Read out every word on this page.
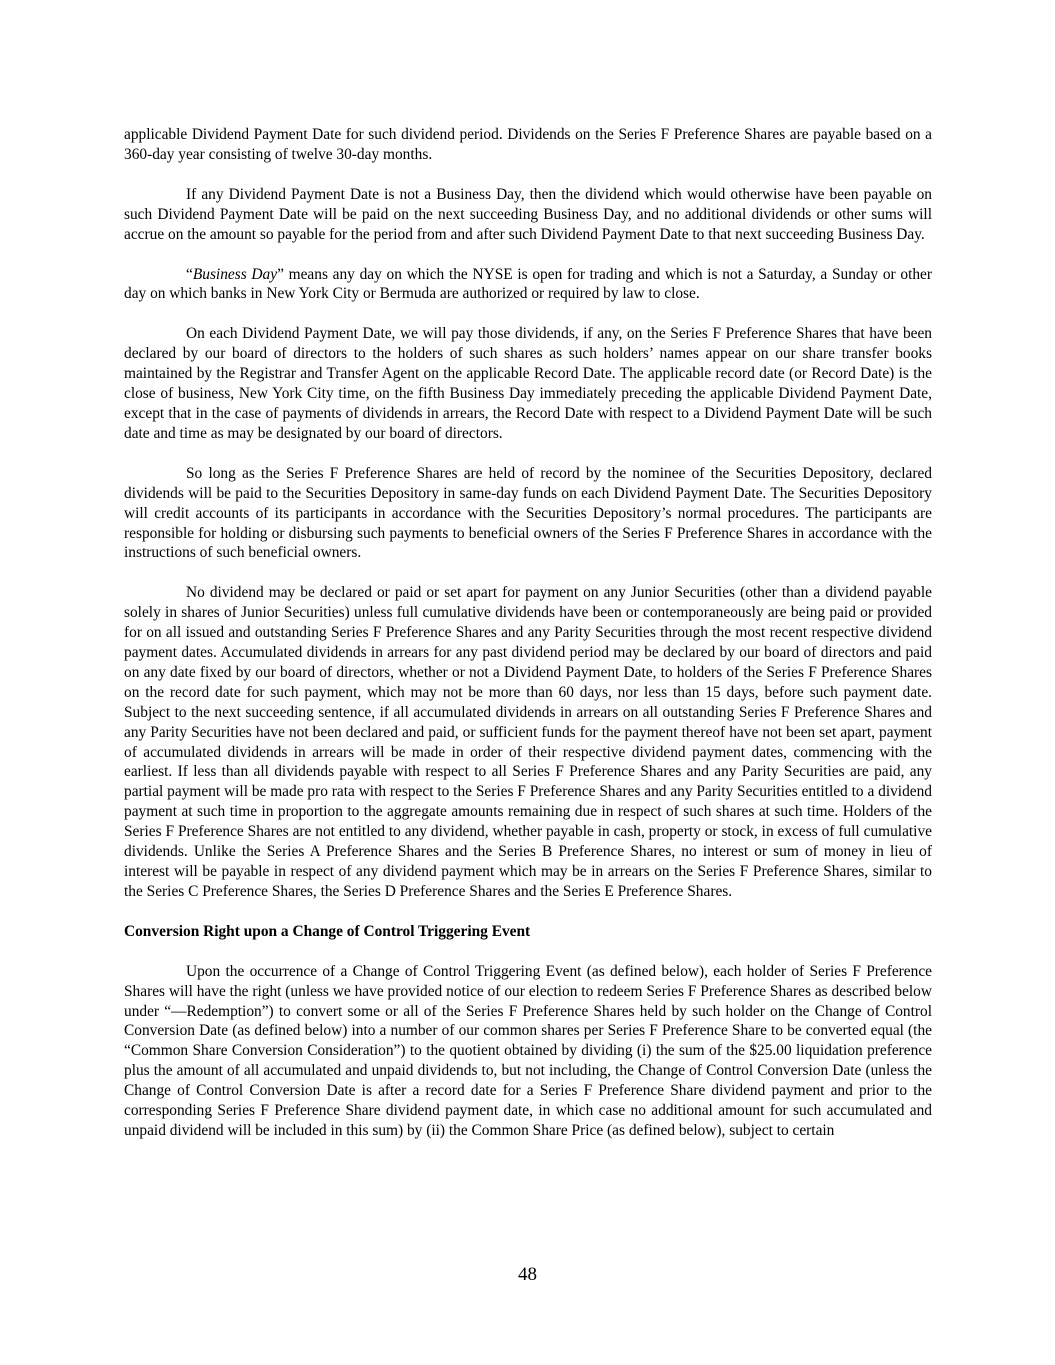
applicable Dividend Payment Date for such dividend period. Dividends on the Series F Preference Shares are payable based on a 360-day year consisting of twelve 30-day months.

If any Dividend Payment Date is not a Business Day, then the dividend which would otherwise have been payable on such Dividend Payment Date will be paid on the next succeeding Business Day, and no additional dividends or other sums will accrue on the amount so payable for the period from and after such Dividend Payment Date to that next succeeding Business Day.

“Business Day” means any day on which the NYSE is open for trading and which is not a Saturday, a Sunday or other day on which banks in New York City or Bermuda are authorized or required by law to close.

On each Dividend Payment Date, we will pay those dividends, if any, on the Series F Preference Shares that have been declared by our board of directors to the holders of such shares as such holders’ names appear on our share transfer books maintained by the Registrar and Transfer Agent on the applicable Record Date. The applicable record date (or Record Date) is the close of business, New York City time, on the fifth Business Day immediately preceding the applicable Dividend Payment Date, except that in the case of payments of dividends in arrears, the Record Date with respect to a Dividend Payment Date will be such date and time as may be designated by our board of directors.

So long as the Series F Preference Shares are held of record by the nominee of the Securities Depository, declared dividends will be paid to the Securities Depository in same-day funds on each Dividend Payment Date. The Securities Depository will credit accounts of its participants in accordance with the Securities Depository’s normal procedures. The participants are responsible for holding or disbursing such payments to beneficial owners of the Series F Preference Shares in accordance with the instructions of such beneficial owners.

No dividend may be declared or paid or set apart for payment on any Junior Securities (other than a dividend payable solely in shares of Junior Securities) unless full cumulative dividends have been or contemporaneously are being paid or provided for on all issued and outstanding Series F Preference Shares and any Parity Securities through the most recent respective dividend payment dates. Accumulated dividends in arrears for any past dividend period may be declared by our board of directors and paid on any date fixed by our board of directors, whether or not a Dividend Payment Date, to holders of the Series F Preference Shares on the record date for such payment, which may not be more than 60 days, nor less than 15 days, before such payment date. Subject to the next succeeding sentence, if all accumulated dividends in arrears on all outstanding Series F Preference Shares and any Parity Securities have not been declared and paid, or sufficient funds for the payment thereof have not been set apart, payment of accumulated dividends in arrears will be made in order of their respective dividend payment dates, commencing with the earliest. If less than all dividends payable with respect to all Series F Preference Shares and any Parity Securities are paid, any partial payment will be made pro rata with respect to the Series F Preference Shares and any Parity Securities entitled to a dividend payment at such time in proportion to the aggregate amounts remaining due in respect of such shares at such time. Holders of the Series F Preference Shares are not entitled to any dividend, whether payable in cash, property or stock, in excess of full cumulative dividends. Unlike the Series A Preference Shares and the Series B Preference Shares, no interest or sum of money in lieu of interest will be payable in respect of any dividend payment which may be in arrears on the Series F Preference Shares, similar to the Series C Preference Shares, the Series D Preference Shares and the Series E Preference Shares.

Conversion Right upon a Change of Control Triggering Event

Upon the occurrence of a Change of Control Triggering Event (as defined below), each holder of Series F Preference Shares will have the right (unless we have provided notice of our election to redeem Series F Preference Shares as described below under “—Redemption”) to convert some or all of the Series F Preference Shares held by such holder on the Change of Control Conversion Date (as defined below) into a number of our common shares per Series F Preference Share to be converted equal (the “Common Share Conversion Consideration”) to the quotient obtained by dividing (i) the sum of the $25.00 liquidation preference plus the amount of all accumulated and unpaid dividends to, but not including, the Change of Control Conversion Date (unless the Change of Control Conversion Date is after a record date for a Series F Preference Share dividend payment and prior to the corresponding Series F Preference Share dividend payment date, in which case no additional amount for such accumulated and unpaid dividend will be included in this sum) by (ii) the Common Share Price (as defined below), subject to certain

48
